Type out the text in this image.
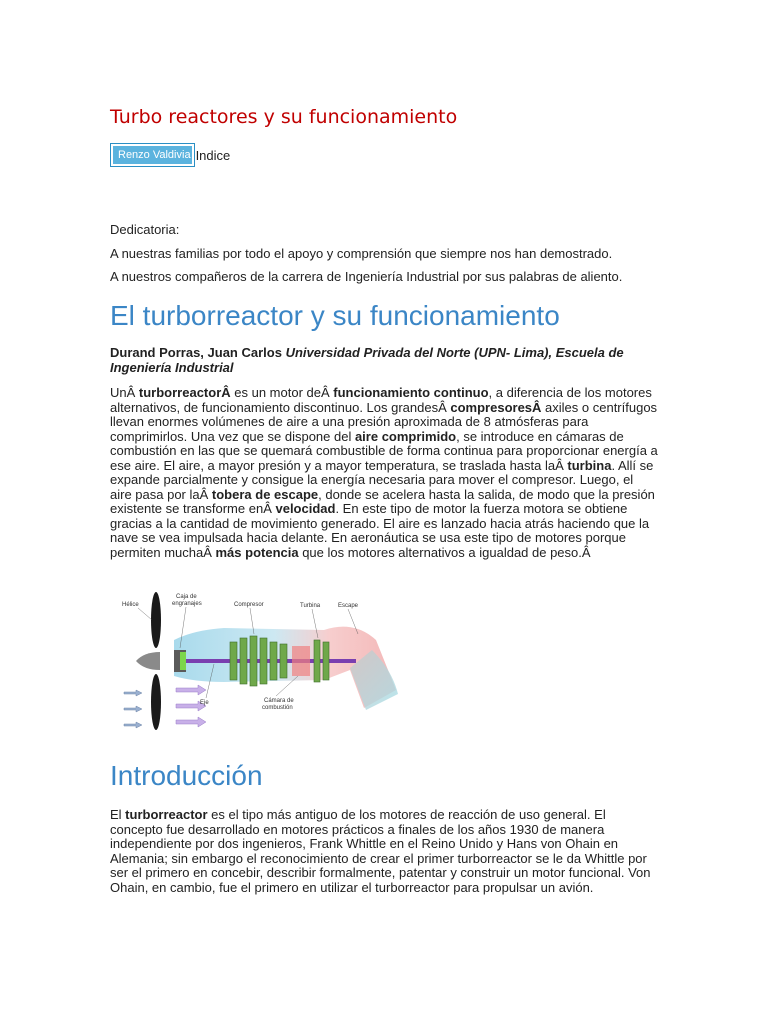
Turbo reactores y su funcionamiento
Renzo Valdivia Indice

Dedicatoria:

A nuestras familias por todo el apoyo y comprensión que siempre nos han demostrado.

A nuestros compañeros de la carrera de Ingeniería Industrial por sus palabras de aliento.

El turborreactor y su funcionamiento

Durand Porras, Juan Carlos Universidad Privada del Norte (UPN- Lima), Escuela de Ingeniería Industrial

UnÂ turborreactorÂ es un motor deÂ funcionamiento continuo, a diferencia de los motores alternativos, de funcionamiento discontinuo. Los grandesÂ compresoresÂ axiles o centrífugos llevan enormes volúmenes de aire a una presión aproximada de 8 atmósferas para comprimirlos. Una vez que se dispone del aire comprimido, se introduce en cámaras de combustión en las que se quemará combustible de forma continua para proporcionar energía a ese aire. El aire, a mayor presión y a mayor temperatura, se traslada hasta laÂ turbina. Allí se expande parcialmente y consigue la energía necesaria para mover el compresor. Luego, el aire pasa por laÂ tobera de escape, donde se acelera hasta la salida, de modo que la presión existente se transforme enÂ velocidad. En este tipo de motor la fuerza motora se obtiene gracias a la cantidad de movimiento generado. El aire es lanzado hacia atrás haciendo que la nave se vea impulsada hacia delante. En aeronáutica se usa este tipo de motores porque permiten muchaÂ más potencia que los motores alternativos a igualdad de peso.Â

Hélice
Caja de
engranajes	Compresor	Turbina	Escape
Eje	Cámara de
combustión
Introducción

El turborreactor es el tipo más antiguo de los motores de reacción de uso general. El concepto fue desarrollado en motores prácticos a finales de los años 1930 de manera independiente por dos ingenieros, Frank Whittle en el Reino Unido y Hans von Ohain en Alemania; sin embargo el reconocimiento de crear el primer turborreactor se le da Whittle por ser el primero en concebir, describir formalmente, patentar y construir un motor funcional. Von Ohain, en cambio, fue el primero en utilizar el turborreactor para propulsar un avión.
